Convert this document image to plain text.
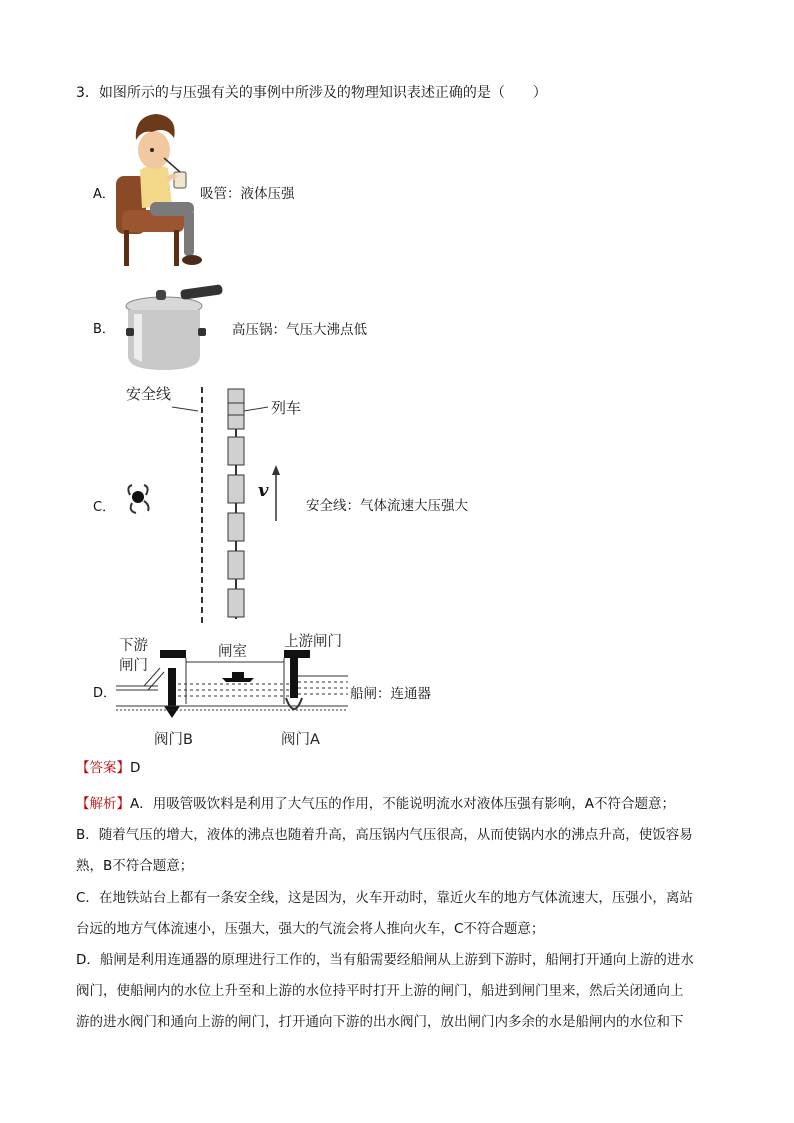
3．如图所示的与压强有关的事例中所涉及的物理知识表述正确的是（　　）
A．	吸管：液体压强
B．	高压锅：气压大沸点低
安全线
列车
v
C．	安全线：气体流速大压强大
下游
闸门
闸室
上游闸门
D．	船闸：连通器
阀门B	阀门A
【答案】D
【解析】A．用吸管吸饮料是利用了大气压的作用，不能说明流水对液体压强有影响，A不符合题意；
B．随着气压的增大，液体的沸点也随着升高，高压锅内气压很高，从而使锅内水的沸点升高，使饭容易
熟，B不符合题意；
C．在地铁站台上都有一条安全线，这是因为，火车开动时，靠近火车的地方气体流速大，压强小，离站
台远的地方气体流速小，压强大，强大的气流会将人推向火车，C不符合题意；
D．船闸是利用连通器的原理进行工作的，当有船需要经船闸从上游到下游时，船闸打开通向上游的进水
阀门，使船闸内的水位上升至和上游的水位持平时打开上游的闸门，船进到闸门里来，然后关闭通向上
游的进水阀门和通向上游的闸门，打开通向下游的出水阀门，放出闸门内多余的水是船闸内的水位和下
